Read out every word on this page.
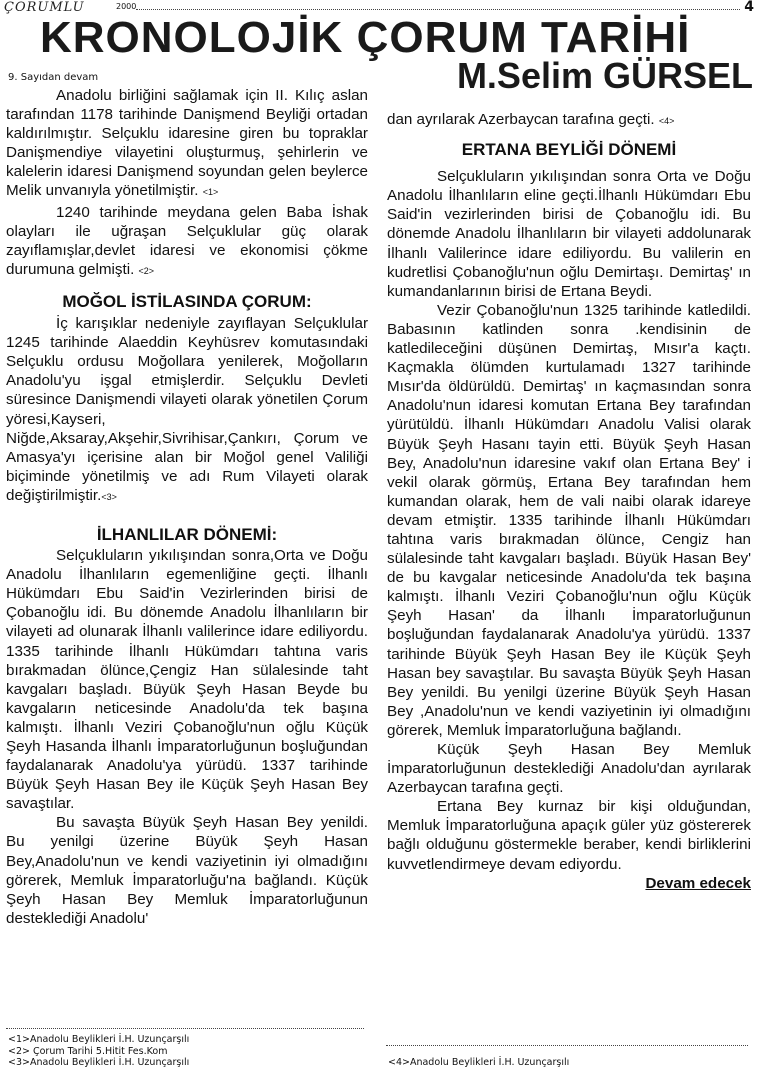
ÇORUMLU	2000	4
KRONOLOJİK ÇORUM TARİHİ
M.Selim GÜRSEL
9. Sayıdan devam

Anadolu birliğini sağlamak için II. Kılıç aslan tarafından 1178 tarihinde Danişmend Beyliği ortadan kaldırılmıştır. Selçuklu idaresine giren bu topraklar Danişmendiye vilayetini oluşturmuş, şehirlerin ve kalelerin idaresi Danişmend soyundan gelen beylerce Melik unvanıyla yönetilmiştir. <1>

1240 tarihinde meydana gelen Baba İshak olayları ile uğraşan Selçuklular güç olarak zayıflamışlar,devlet idaresi ve ekonomisi çökme durumuna gelmişti. <2>

MOĞOL İSTİLASINDA ÇORUM:

İç karışıklar nedeniyle zayıflayan Selçuklular 1245 tarihinde Alaeddin Keyhüsrev komutasındaki Selçuklu ordusu Moğollara yenilerek, Moğolların Anadolu'yu işgal etmişlerdir. Selçuklu Devleti süresince Danişmendi vilayeti olarak yönetilen Çorum yöresi,Kayseri, Niğde,Aksaray,Akşehir,Sivrihisar,Çankırı, Çorum ve Amasya'yı içerisine alan bir Moğol genel Valiliği biçiminde yönetilmiş ve adı Rum Vilayeti olarak değiştirilmiştir.<3>

İLHANLILAR DÖNEMİ:

Selçukluların yıkılışından sonra,Orta ve Doğu Anadolu İlhanlıların egemenliğine geçti. İlhanlı Hükümdarı Ebu Said'in Vezirlerinden birisi de Çobanoğlu idi. Bu dönemde Anadolu İlhanlıların bir vilayeti ad olunarak İlhanlı valilerince idare ediliyordu. 1335 tarihinde İlhanlı Hükümdarı tahtına varis bırakmadan ölünce,Çengiz Han sülalesinde taht kavgaları başladı. Büyük Şeyh Hasan Beyde bu kavgaların neticesinde Anadolu'da tek başına kalmıştı. İlhanlı Veziri Çobanoğlu'nun oğlu Küçük Şeyh Hasanda İlhanlı İmparatorluğunun boşluğundan faydalanarak Anadolu'ya yürüdü. 1337 tarihinde Büyük Şeyh Hasan Bey ile Küçük Şeyh Hasan Bey savaştılar.

Bu savaşta Büyük Şeyh Hasan Bey yenildi. Bu yenilgi üzerine Büyük Şeyh Hasan Bey,Anadolu'nun ve kendi vaziyetinin iyi olmadığını görerek, Memluk İmparatorluğu'na bağlandı. Küçük Şeyh Hasan Bey Memluk İmparatorluğunun desteklediği Anadolu'

dan ayrılarak Azerbaycan tarafına geçti. <4>

ERTANA BEYLİĞİ DÖNEMİ

Selçukluların yıkılışından sonra Orta ve Doğu Anadolu İlhanlıların eline geçti.İlhanlı Hükümdarı Ebu Said'in vezirlerinden birisi de Çobanoğlu idi. Bu dönemde Anadolu İlhanlıların bir vilayeti addolunarak İlhanlı Valilerince idare ediliyordu. Bu valilerin en kudretlisi Çobanoğlu'nun oğlu Demirtaşı. Demirtaş' ın kumandanlarının birisi de Ertana Beydi.

Vezir Çobanoğlu'nun 1325 tarihinde katledildi. Babasının katlinden sonra .kendisinin de katledileceğini düşünen Demirtaş, Mısır'a kaçtı. Kaçmakla ölümden kurtulamadı 1327 tarihinde Mısır'da öldürüldü. Demirtaş' ın kaçmasından sonra Anadolu'nun idaresi komutan Ertana Bey tarafından yürütüldü. İlhanlı Hükümdarı Anadolu Valisi olarak Büyük Şeyh Hasanı tayin etti. Büyük Şeyh Hasan Bey, Anadolu'nun idaresine vakıf olan Ertana Bey' i vekil olarak görmüş, Ertana Bey tarafından hem kumandan olarak, hem de vali naibi olarak idareye devam etmiştir. 1335 tarihinde İlhanlı Hükümdarı tahtına varis bırakmadan ölünce, Cengiz han sülalesinde taht kavgaları başladı. Büyük Hasan Bey' de bu kavgalar neticesinde Anadolu'da tek başına kalmıştı. İlhanlı Veziri Çobanoğlu'nun oğlu Küçük Şeyh Hasan' da İlhanlı İmparatorluğunun boşluğundan faydalanarak Anadolu'ya yürüdü. 1337 tarihinde Büyük Şeyh Hasan Bey ile Küçük Şeyh Hasan bey savaştılar. Bu savaşta Büyük Şeyh Hasan Bey yenildi. Bu yenilgi üzerine Büyük Şeyh Hasan Bey ,Anadolu'nun ve kendi vaziyetinin iyi olmadığını görerek, Memluk İmparatorluğuna bağlandı.

Küçük Şeyh Hasan Bey Memluk İmparatorluğunun desteklediği Anadolu'dan ayrılarak Azerbaycan tarafına geçti.

Ertana Bey kurnaz bir kişi olduğundan, Memluk İmparatorluğuna apaçık güler yüz göstererek bağlı olduğunu göstermekle beraber, kendi birliklerini kuvvetlendirmeye devam ediyordu.
Devam edecek

<1>Anadolu Beylikleri İ.H. Uzunçarşılı
<2> Çorum Tarihi 5.Hitit Fes.Kom
<3>Anadolu Beylikleri İ.H. Uzunçarşılı	<4>Anadolu Beylikleri İ.H. Uzunçarşılı
